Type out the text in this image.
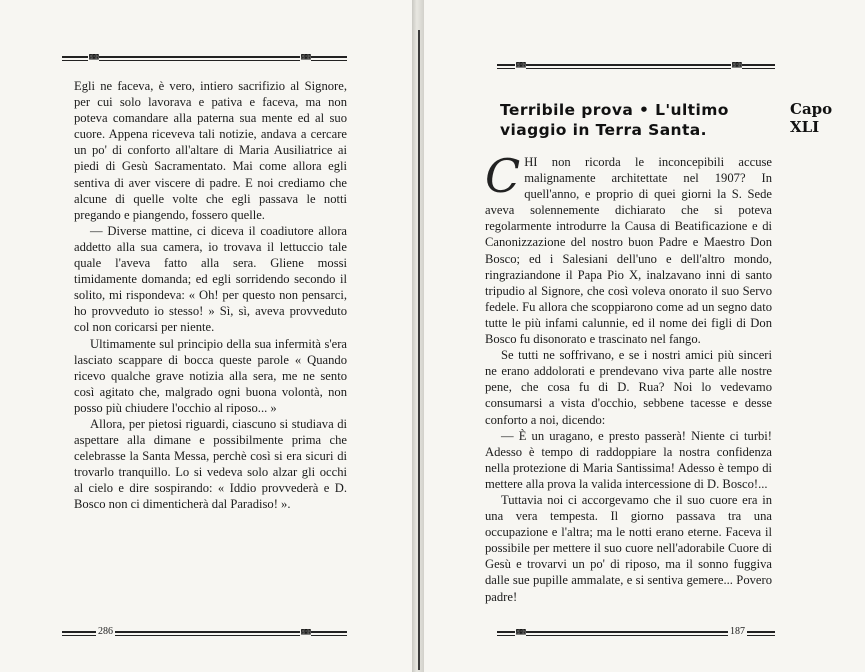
▩▩	▩▩

Egli ne faceva, è vero, intiero sacrifizio al Signore, per cui solo lavorava e pativa e faceva, ma non poteva comandare alla paterna sua mente ed al suo cuore. Appena riceveva tali notizie, andava a cercare un po' di conforto all'altare di Maria Ausiliatrice ai piedi di Gesù Sacramentato. Mai come allora egli sentiva di aver viscere di padre. E noi crediamo che alcune di quelle volte che egli passava le notti pregando e piangendo, fossero quelle.

— Diverse mattine, ci diceva il coadiutore allora addetto alla sua camera, io trovava il lettuccio tale quale l'aveva fatto alla sera. Gliene mossi timidamente domanda; ed egli sorridendo secondo il solito, mi rispondeva: « Oh! per questo non pensarci, ho provveduto io stesso! » Sì, sì, aveva provveduto col non coricarsi per niente.

Ultimamente sul principio della sua infermità s'era lasciato scappare di bocca queste parole « Quando ricevo qualche grave notizia alla sera, me ne sento così agitato che, malgrado ogni buona volontà, non posso più chiudere l'occhio al riposo... »

Allora, per pietosi riguardi, ciascuno si studiava di aspettare alla dimane e possibilmente prima che celebrasse la Santa Messa, perchè così si era sicuri di trovarlo tranquillo. Lo si vedeva solo alzar gli occhi al cielo e dire sospirando: « Iddio provvederà e D. Bosco non ci dimenticherà dal Paradiso! ».

286	▩▩
▩▩	▩▩
Terribile prova • L'ultimo viaggio in Terra Santa.
Capo XLI

CHI non ricorda le inconcepibili accuse malignamente architettate nel 1907? In quell'anno, e proprio di quei giorni la S. Sede aveva solennemente dichiarato che si poteva regolarmente introdurre la Causa di Beatificazione e di Canonizzazione del nostro buon Padre e Maestro Don Bosco; ed i Salesiani dell'uno e dell'altro mondo, ringraziandone il Papa Pio X, inalzavano inni di santo tripudio al Signore, che così voleva onorato il suo Servo fedele. Fu allora che scoppiarono come ad un segno dato tutte le più infami calunnie, ed il nome dei figli di Don Bosco fu disonorato e trascinato nel fango.

Se tutti ne soffrivano, e se i nostri amici più sinceri ne erano addolorati e prendevano viva parte alle nostre pene, che cosa fu di D. Rua? Noi lo vedevamo consumarsi a vista d'occhio, sebbene tacesse e desse conforto a noi, dicendo:

— È un uragano, e presto passerà! Niente ci turbi! Adesso è tempo di raddoppiare la nostra confidenza nella protezione di Maria Santissima! Adesso è tempo di mettere alla prova la valida intercessione di D. Bosco!...

Tuttavia noi ci accorgevamo che il suo cuore era in una vera tempesta. Il giorno passava tra una occupazione e l'altra; ma le notti erano eterne. Faceva il possibile per mettere il suo cuore nell'adorabile Cuore di Gesù e trovarvi un po' di riposo, ma il sonno fuggiva dalle sue pupille ammalate, e si sentiva gemere... Povero padre!

▩▩	187
